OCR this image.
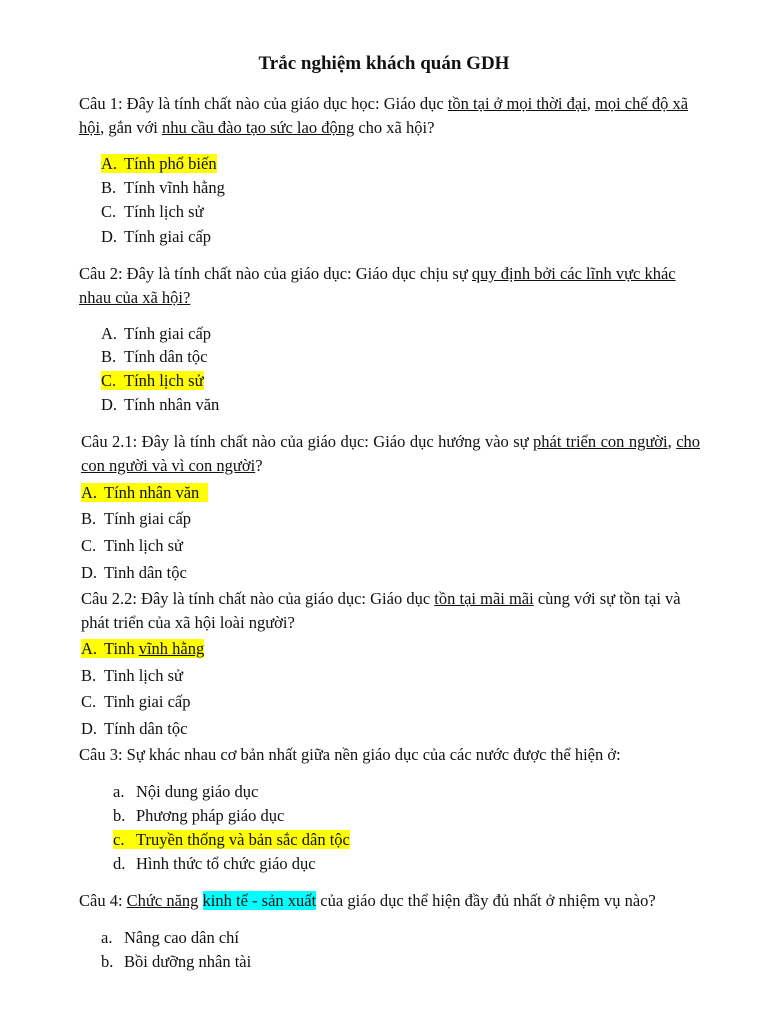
Trắc nghiệm khách quán GDH

Câu 1: Đây là tính chất nào của giáo dục học: Giáo dục tồn tại ở mọi thời đại, mọi chế độ xã hội, gắn với nhu cầu đào tạo sức lao động cho xã hội?

A. Tính phổ biến
B. Tính vĩnh hằng
C. Tính lịch sử
D. Tính giai cấp

Câu 2: Đây là tính chất nào của giáo dục: Giáo dục chịu sự quy định bởi các lĩnh vực khác nhau của xã hội?

A. Tính giai cấp
B. Tính dân tộc
C. Tính lịch sử
D. Tính nhân văn

Câu 2.1: Đây là tính chất nào của giáo dục: Giáo dục hướng vào sự phát triển con người, cho con người và vì con người?

A. Tính nhân văn
B. Tính giai cấp
C. Tinh lịch sử
D. Tinh dân tộc

Câu 2.2: Đây là tính chất nào của giáo dục: Giáo dục tồn tại mãi mãi cùng với sự tồn tại và phát triển của xã hội loài người?

A. Tinh vĩnh hằng
B. Tinh lịch sử
C. Tinh giai cấp
D. Tính dân tộc

Câu 3: Sự khác nhau cơ bản nhất giữa nền giáo dục của các nước được thể hiện ở:

a. Nội dung giáo dục
b. Phương pháp giáo dục
c. Truyền thống và bản sắc dân tộc
d. Hình thức tổ chức giáo dục

Câu 4: Chức năng kinh tế - sản xuất của giáo dục thể hiện đầy đủ nhất ở nhiệm vụ nào?

a. Nâng cao dân chí
b. Bồi dưỡng nhân tài
